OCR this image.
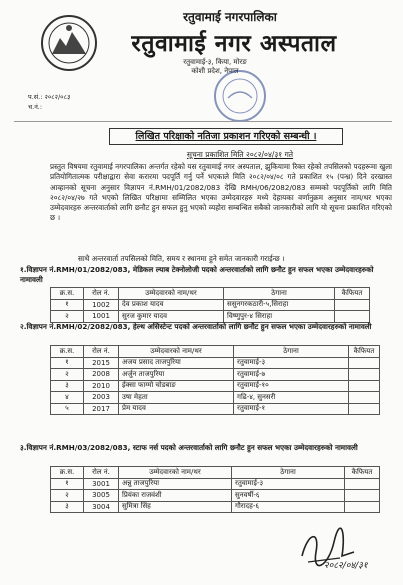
रतुवामाई नगरपालिका
रतुवामाई नगर अस्पताल
रतुवामाई-३, किया, मोरङ
कोशी प्रदेश, नेपाल
प.सं.: २०८२/०८३
च.नं.:
लिखित परिक्षाको नतिजा प्रकाशन गरिएको सम्बन्धी ।
सूचना प्रकाशित मिति २०८२/०४/३१ गते
प्रस्तुत विषयमा रतुवामाई नगरपालिका अन्तर्गत रहेको यस रतुवामाई नगर अस्पताल, झुकियामा रिक्त रहेको तपसिलको पदहरूमा खुला प्रतियोगितात्मक परीक्षाद्वारा सेवा करारमा पदपूर्ति गर्नु पर्ने भएकाले मिति २०८२/०४/०८ गते प्रकाशित १५ (पन्ध्र) दिने दरखास्त आव्हानको सूचना अनुसार विज्ञापन नं.RMH/01/2082/083 देखि RMH/06/2082/083 सम्मको पदपूर्तिको लागि मिति २०८२/०४/२७ गते भएको लिखित परिक्षामा सम्मिलित भएका उम्मेदवारहरु मध्ये देहायका वर्णानुक्रम अनुसार नाम/थर भएका उम्मेदवारहरु अन्तरवार्ताको लागि छनौट हुन सफल हुनु भएको व्यहोरा सम्बन्धित सबैको जानकारीको लागि यो सूचना प्रकाशित गरिएको छ ।
साथै अन्तरवार्ता तपसिलको मिति, समय र स्थानमा हुने समेत जानकारी गराईन्छ ।
१.विज्ञापन नं.RMH/01/2082/083, मेडिकल ल्याब टेक्नोलोजी पदको अन्तरवार्ताको लागि छनौट हुन सफल भएका उम्मेदवारहरुको नामावली
क्र.स.	रोल नं.	उम्मेदवारको नाम/थर	ठेगाना	कैफियत
१	1002	देव प्रकाश यादव	ससुनगरकठारी-५,सिराहा	
२	1001	सुरज कुमार यादव	विष्णुपुर-४ सिराहा	
२.विज्ञापन नं.RMH/02/2082/083, हेल्थ असिस्टेन्ट पदको अन्तरवार्ताको लागि छनौट हुन सफल भएका उम्मेदवारहरुको नामावली
क्र.स.	रोल नं.	उम्मेदवारको नाम/थर	ठेगाना	कैफियत
१	2015	अजय प्रसाद ताजपुरिया	रतुवामाई-३	
२	2008	अर्जुन ताजपुरिया	रतुवामाई-७	
३	2010	ईक्सा फाग्मो चोडबाङ	रतुवामाई-१०	
४	2003	उषा मेहता	गढि-४, सुनसरी	
५	2017	प्रेम यादव	रतुवामाई-१	
३.विज्ञापन नं.RMH/03/2082/083, स्टाफ नर्स पदको अन्तरवार्ताको लागि छनौट हुन सफल भएका उम्मेदवारहरुको नामावली
क्र.स.	रोल नं.	उम्मेदवारको नाम/थर	ठेगाना	कैफियत
१	3001	अन्नु ताजपुरिया	रतुवामाई-३	
२	3005	प्रियंका राजवंशी	सुनवर्षी-६	
३	3004	सुमित्रा सिंह	गौरादह-६	
२०८२/०४/३१
